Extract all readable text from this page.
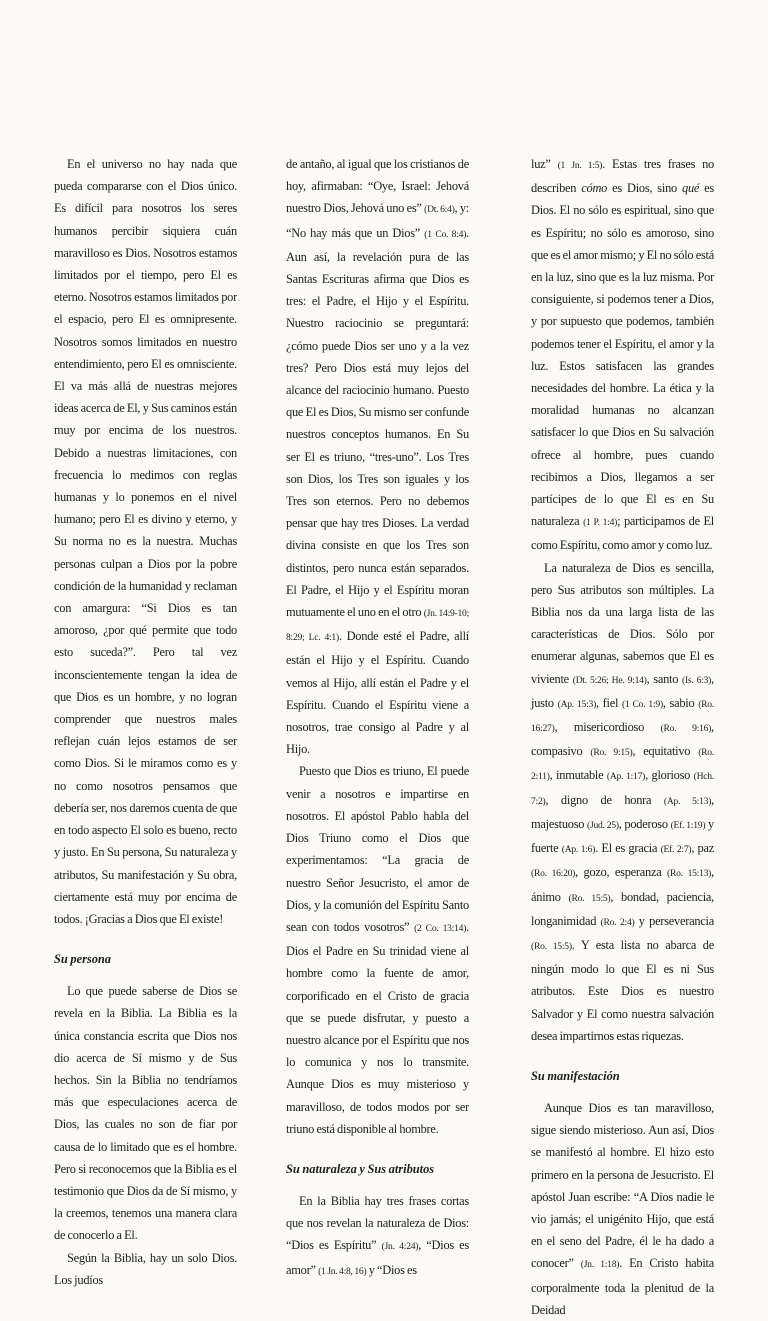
En el universo no hay nada que pueda compararse con el Dios único. Es difícil para nosotros los seres humanos percibir siquiera cuán maravilloso es Dios. Nosotros estamos limitados por el tiempo, pero El es eterno. Nosotros estamos limitados por el espacio, pero El es omnipresente. Nosotros somos limitados en nuestro entendimiento, pero El es omnisciente. El va más allá de nuestras mejores ideas acerca de El, y Sus caminos están muy por encima de los nuestros. Debido a nuestras limitaciones, con frecuencia lo medimos con reglas humanas y lo ponemos en el nivel humano; pero El es divino y eterno, y Su norma no es la nuestra. Muchas personas culpan a Dios por la pobre condición de la humanidad y reclaman con amargura: “Si Dios es tan amoroso, ¿por qué permite que todo esto suceda?”. Pero tal vez inconscientemente tengan la idea de que Dios es un hombre, y no logran comprender que nuestros males reflejan cuán lejos estamos de ser como Dios. Si le miramos como es y no como nosotros pensamos que debería ser, nos daremos cuenta de que en todo aspecto El solo es bueno, recto y justo. En Su persona, Su naturaleza y atributos, Su manifestación y Su obra, ciertamente está muy por encima de todos. ¡Gracias a Dios que El existe!

Su persona

Lo que puede saberse de Dios se revela en la Biblia. La Biblia es la única constancia escrita que Dios nos dio acerca de Sí mismo y de Sus hechos. Sin la Biblia no tendríamos más que especulaciones acerca de Dios, las cuales no son de fiar por causa de lo limitado que es el hombre. Pero si reconocemos que la Biblia es el testimonio que Dios da de Sí mismo, y la creemos, tenemos una manera clara de conocerlo a El.

Según la Biblia, hay un solo Dios. Los judíos

de antaño, al igual que los cristianos de hoy, afirmaban: “Oye, Israel: Jehová nuestro Dios, Jehová uno es” (Dt. 6:4), y: “No hay más que un Dios” (1 Co. 8:4). Aun así, la revelación pura de las Santas Escrituras afirma que Dios es tres: el Padre, el Hijo y el Espíritu. Nuestro raciocinio se preguntará: ¿cómo puede Dios ser uno y a la vez tres? Pero Dios está muy lejos del alcance del raciocinio humano. Puesto que El es Dios, Su mismo ser confunde nuestros conceptos humanos. En Su ser El es triuno, “tres-uno”. Los Tres son Dios, los Tres son iguales y los Tres son eternos. Pero no debemos pensar que hay tres Dioses. La verdad divina consiste en que los Tres son distintos, pero nunca están separados. El Padre, el Hijo y el Espíritu moran mutuamente el uno en el otro (Jn. 14:9-10; 8:29; Lc. 4:1). Donde esté el Padre, allí están el Hijo y el Espíritu. Cuando vemos al Hijo, allí están el Padre y el Espíritu. Cuando el Espíritu viene a nosotros, trae consigo al Padre y al Hijo.

Puesto que Dios es triuno, El puede venir a nosotros e impartirse en nosotros. El apóstol Pablo habla del Dios Triuno como el Dios que experimentamos: “La gracia de nuestro Señor Jesucristo, el amor de Dios, y la comunión del Espíritu Santo sean con todos vosotros” (2 Co. 13:14). Dios el Padre en Su trinidad viene al hombre como la fuente de amor, corporificado en el Cristo de gracia que se puede disfrutar, y puesto a nuestro alcance por el Espíritu que nos lo comunica y nos lo transmite. Aunque Dios es muy misterioso y maravilloso, de todos modos por ser triuno está disponible al hombre.

Su naturaleza y Sus atributos

En la Biblia hay tres frases cortas que nos revelan la naturaleza de Dios: “Dios es Espíritu” (Jn. 4:24), “Dios es amor” (1 Jn. 4:8, 16) y “Dios es

luz” (1 Jn. 1:5). Estas tres frases no describen cómo es Dios, sino qué es Dios. El no sólo es espiritual, sino que es Espíritu; no sólo es amoroso, sino que es el amor mismo; y El no sólo está en la luz, sino que es la luz misma. Por consiguiente, si podemos tener a Dios, y por supuesto que podemos, también podemos tener el Espíritu, el amor y la luz. Estos satisfacen las grandes necesidades del hombre. La ética y la moralidad humanas no alcanzan satisfacer lo que Dios en Su salvación ofrece al hombre, pues cuando recibimos a Dios, llegamos a ser partícipes de lo que El es en Su naturaleza (1 P. 1:4); participamos de El como Espíritu, como amor y como luz.

La naturaleza de Dios es sencilla, pero Sus atributos son múltiples. La Biblia nos da una larga lista de las características de Dios. Sólo por enumerar algunas, sabemos que El es viviente (Dt. 5:26; He. 9:14), santo (Is. 6:3), justo (Ap. 15:3), fiel (1 Co. 1:9), sabio (Ro. 16:27), misericordioso (Ro. 9:16), compasivo (Ro. 9:15), equitativo (Ro. 2:11), inmutable (Ap. 1:17), glorioso (Hch. 7:2), digno de honra (Ap. 5:13), majestuoso (Jud. 25), poderoso (Ef. 1:19) y fuerte (Ap. 1:6). El es gracia (Ef. 2:7), paz (Ro. 16:20), gozo, esperanza (Ro. 15:13), ánimo (Ro. 15:5), bondad, paciencia, longanimidad (Ro. 2:4) y perseverancia (Ro. 15:5). Y esta lista no abarca de ningún modo lo que El es ni Sus atributos. Este Dios es nuestro Salvador y El como nuestra salvación desea impartirnos estas riquezas.

Su manifestación

Aunque Dios es tan maravilloso, sigue siendo misterioso. Aun así, Dios se manifestó al hombre. El hizo esto primero en la persona de Jesucristo. El apóstol Juan escribe: “A Dios nadie le vio jamás; el unigénito Hijo, que está en el seno del Padre, él le ha dado a conocer” (Jn. 1:18). En Cristo habita corporalmente toda la plenitud de la Deidad
